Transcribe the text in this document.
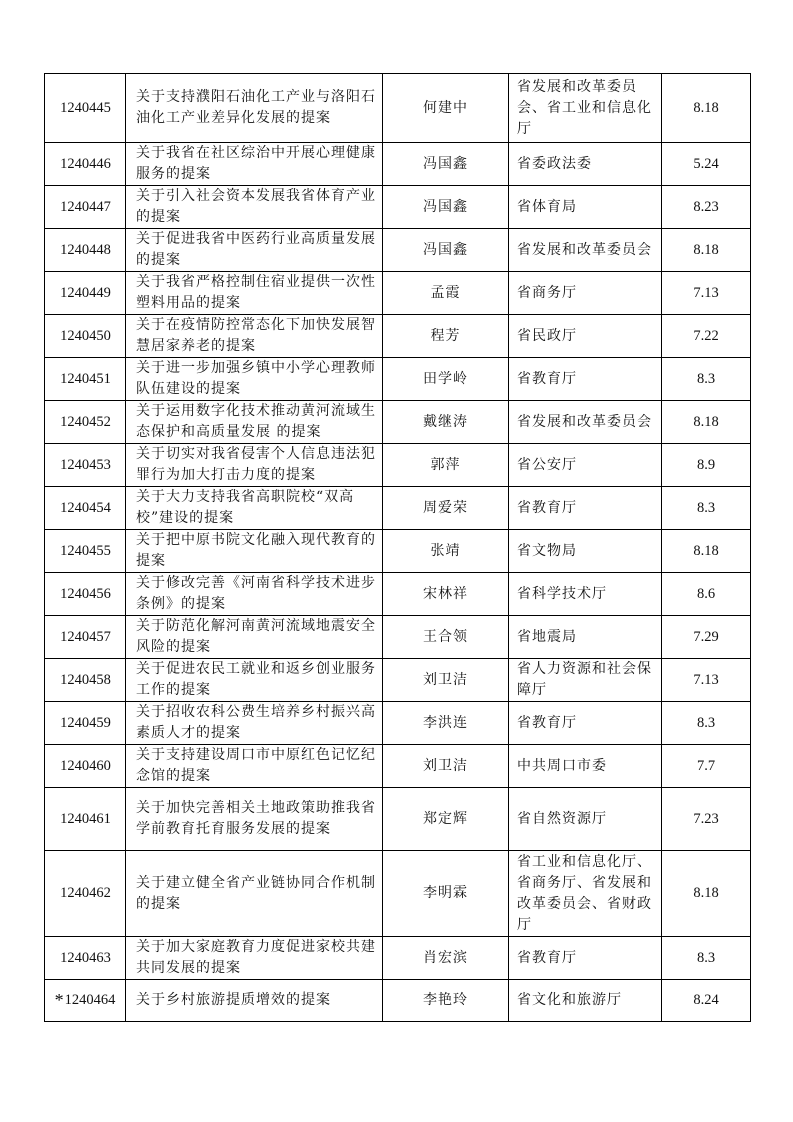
1240445	关于支持濮阳石油化工产业与洛阳石油化工产业差异化发展的提案	何建中	省发展和改革委员会、省工业和信息化厅	8.18
1240446	关于我省在社区综治中开展心理健康服务的提案	冯国鑫	省委政法委	5.24
1240447	关于引入社会资本发展我省体育产业的提案	冯国鑫	省体育局	8.23
1240448	关于促进我省中医药行业高质量发展的提案	冯国鑫	省发展和改革委员会	8.18
1240449	关于我省严格控制住宿业提供一次性塑料用品的提案	孟霞	省商务厅	7.13
1240450	关于在疫情防控常态化下加快发展智慧居家养老的提案	程芳	省民政厅	7.22
1240451	关于进一步加强乡镇中小学心理教师队伍建设的提案	田学岭	省教育厅	8.3
1240452	关于运用数字化技术推动黄河流域生态保护和高质量发展 的提案	戴继涛	省发展和改革委员会	8.18
1240453	关于切实对我省侵害个人信息违法犯罪行为加大打击力度的提案	郭萍	省公安厅	8.9
1240454	关于大力支持我省高职院校“双高校”建设的提案	周爱荣	省教育厅	8.3
1240455	关于把中原书院文化融入现代教育的提案	张靖	省文物局	8.18
1240456	关于修改完善《河南省科学技术进步条例》的提案	宋林祥	省科学技术厅	8.6
1240457	关于防范化解河南黄河流域地震安全风险的提案	王合领	省地震局	7.29
1240458	关于促进农民工就业和返乡创业服务工作的提案	刘卫洁	省人力资源和社会保障厅	7.13
1240459	关于招收农科公费生培养乡村振兴高素质人才的提案	李洪连	省教育厅	8.3
1240460	关于支持建设周口市中原红色记忆纪念馆的提案	刘卫洁	中共周口市委	7.7
1240461	关于加快完善相关土地政策助推我省学前教育托育服务发展的提案	郑定辉	省自然资源厅	7.23
1240462	关于建立健全省产业链协同合作机制的提案	李明霖	省工业和信息化厅、省商务厅、省发展和改革委员会、省财政厅	8.18
1240463	关于加大家庭教育力度促进家校共建共同发展的提案	肖宏滨	省教育厅	8.3
*1240464	关于乡村旅游提质增效的提案	李艳玲	省文化和旅游厅	8.24
